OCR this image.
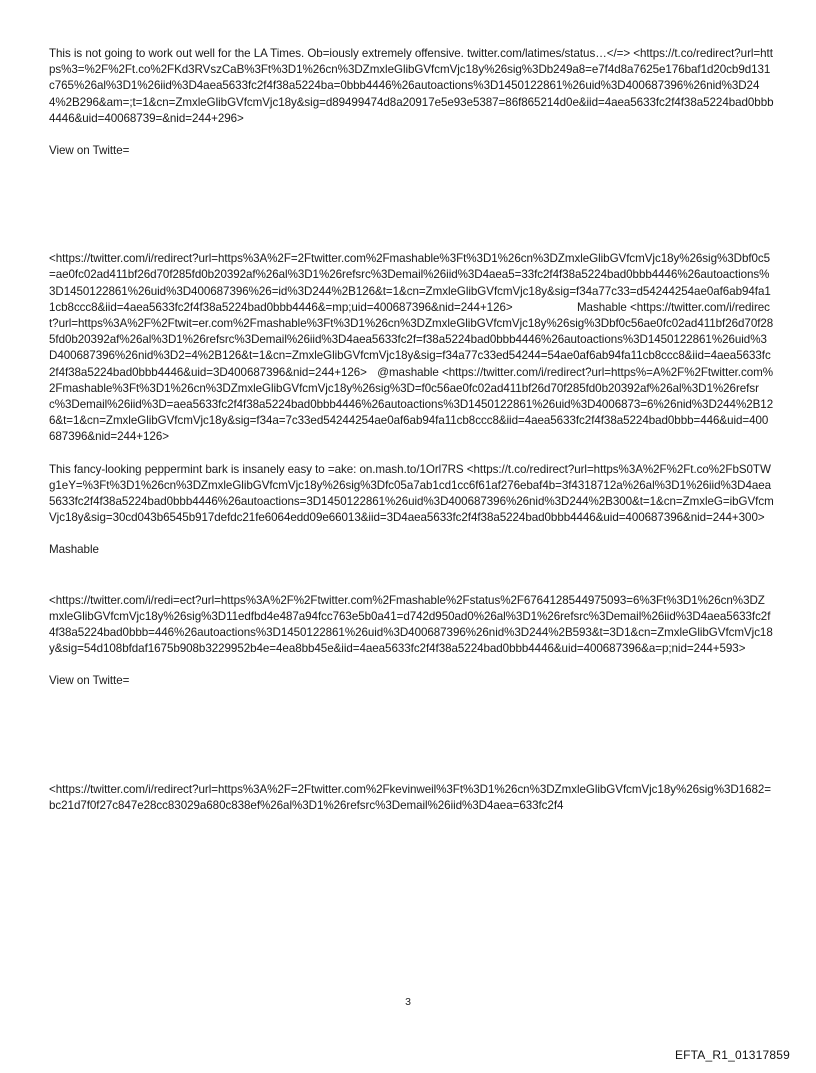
This is not going to work out well for the LA Times. Ob=iously extremely offensive. twitter.com/latimes/status…</=> <https://t.co/redirect?url=https%3=%2F%2Ft.co%2FKd3RVszCaB%3Ft%3D1%26cn%3DZmxleGlibGVfcmVjc18y%26sig%3Db249a8=e7f4d8a7625e176baf1d20cb9d131c765%26al%3D1%26iid%3D4aea5633fc2f4f38a5224ba=0bbb4446%26autoactions%3D1450122861%26uid%3D400687396%26nid%3D244%2B296&am=;t=1&cn=ZmxleGlibGVfcmVjc18y&sig=d89499474d8a20917e5e93e5387=86f865214d0e&iid=4aea5633fc2f4f38a5224bad0bbb4446&uid=40068739=&nid=244+296>

View on Twitte=

<https://twitter.com/i/redirect?url=https%3A%2F=2Ftwitter.com%2Fmashable%3Ft%3D1%26cn%3DZmxleGlibGVfcmVjc18y%26sig%3Dbf0c5=ae0fc02ad411bf26d70f285fd0b20392af%26al%3D1%26refsrc%3Demail%26iid%3D4aea5=33fc2f4f38a5224bad0bbb4446%26autoactions%3D1450122861%26uid%3D400687396%26=id%3D244%2B126&t=1&cn=ZmxleGlibGVfcmVjc18y&sig=f34a77c33=d54244254ae0af6ab94fa11cb8ccc8&iid=4aea5633fc2f4f38a5224bad0bbb4446&=mp;uid=400687396&nid=244+126>	Mashable <https://twitter.com/i/redirect?url=https%3A%2F%2Ftwit=er.com%2Fmashable%3Ft%3D1%26cn%3DZmxleGlibGVfcmVjc18y%26sig%3Dbf0c56ae0fc02ad411bf26d70f285fd0b20392af%26al%3D1%26refsrc%3Demail%26iid%3D4aea5633fc2f=f38a5224bad0bbb4446%26autoactions%3D1450122861%26uid%3D400687396%26nid%3D2=4%2B126&t=1&cn=ZmxleGlibGVfcmVjc18y&sig=f34a77c33ed54244=54ae0af6ab94fa11cb8ccc8&iid=4aea5633fc2f4f38a5224bad0bbb4446&uid=3D400687396&nid=244+126> @mashable <https://twitter.com/i/redirect?url=https%=A%2F%2Ftwitter.com%2Fmashable%3Ft%3D1%26cn%3DZmxleGlibGVfcmVjc18y%26sig%3D=f0c56ae0fc02ad411bf26d70f285fd0b20392af%26al%3D1%26refsrc%3Demail%26iid%3D=aea5633fc2f4f38a5224bad0bbb4446%26autoactions%3D1450122861%26uid%3D4006873=6%26nid%3D244%2B126&t=1&cn=ZmxleGlibGVfcmVjc18y&sig=f34a=7c33ed54244254ae0af6ab94fa11cb8ccc8&iid=4aea5633fc2f4f38a5224bad0bbb=446&uid=400687396&nid=244+126>

This fancy-looking peppermint bark is insanely easy to =ake: on.mash.to/1Orl7RS <https://t.co/redirect?url=https%3A%2F%2Ft.co%2FbS0TWg1eY=%3Ft%3D1%26cn%3DZmxleGlibGVfcmVjc18y%26sig%3Dfc05a7ab1cd1cc6f61af276ebaf4b=3f4318712a%26al%3D1%26iid%3D4aea5633fc2f4f38a5224bad0bbb4446%26autoactions=3D1450122861%26uid%3D400687396%26nid%3D244%2B300&t=1&cn=ZmxleG=ibGVfcmVjc18y&sig=30cd043b6545b917defdc21fe6064edd09e66013&iid=3D4aea5633fc2f4f38a5224bad0bbb4446&uid=400687396&nid=244+300>

Mashable

<https://twitter.com/i/redi=ect?url=https%3A%2F%2Ftwitter.com%2Fmashable%2Fstatus%2F6764128544975093=6%3Ft%3D1%26cn%3DZmxleGlibGVfcmVjc18y%26sig%3D11edfbd4e487a94fcc763e5b0a41=d742d950ad0%26al%3D1%26refsrc%3Demail%26iid%3D4aea5633fc2f4f38a5224bad0bbb=446%26autoactions%3D1450122861%26uid%3D400687396%26nid%3D244%2B593&t=3D1&cn=ZmxleGlibGVfcmVjc18y&sig=54d108bfdaf1675b908b3229952b4e=4ea8bb45e&iid=4aea5633fc2f4f38a5224bad0bbb4446&uid=400687396&a=p;nid=244+593>

View on Twitte=

<https://twitter.com/i/redirect?url=https%3A%2F=2Ftwitter.com%2Fkevinweil%3Ft%3D1%26cn%3DZmxleGlibGVfcmVjc18y%26sig%3D1682=bc21d7f0f27c847e28cc83029a680c838ef%26al%3D1%26refsrc%3Demail%26iid%3D4aea=633fc2f4

3
EFTA_R1_01317859
